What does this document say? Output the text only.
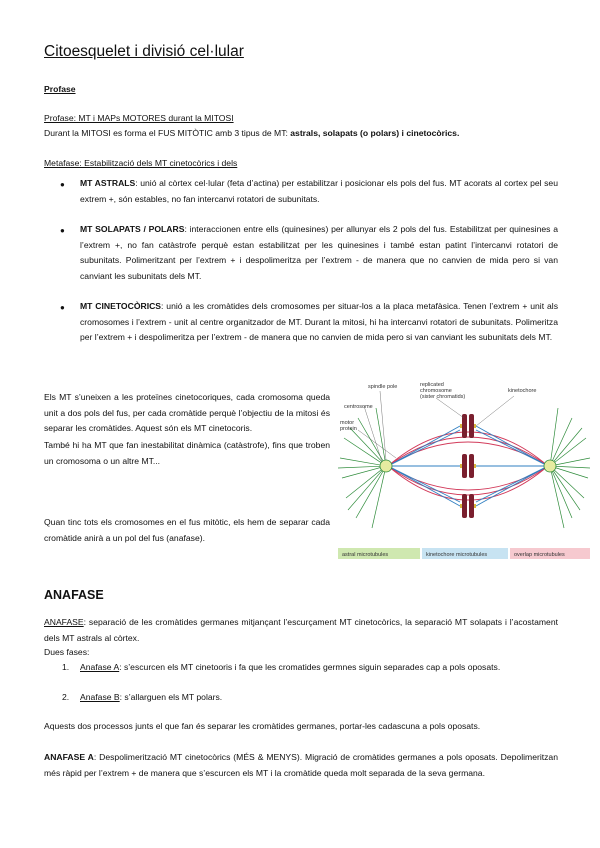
Citoesquelet i divisió cel·lular
Profase
Profase: MT i MAPs MOTORES durant la MITOSI
Durant la MITOSI es forma el FUS MITÒTIC amb 3 tipus de MT: astrals, solapats (o polars) i cinetocòrics.
Metafase: Estabilització dels MT cinetocòrics i dels
● MT ASTRALS: unió al còrtex cel·lular (feta d’actina) per estabilitzar i posicionar els pols del fus. MT acorats al cortex pel seu extrem +, són estables, no fan intercanvi rotatori de subunitats.
● MT SOLAPATS / POLARS: interaccionen entre ells (quinesines) per allunyar els 2 pols del fus. Estabilitzat per quinesines a l’extrem +, no fan catàstrofe perquè estan estabilitzat per les quinesines i també estan patint l’intercanvi rotatori de subunitats. Polimeritzant per l’extrem + i despolimeritza per l’extrem - de manera que no canvien de mida pero si van canviant les subunitats dels MT.
● MT CINETOCÒRICS: unió a les cromàtides dels cromosomes per situar-los a la placa metafàsica. Tenen l’extrem + unit als cromosomes i l’extrem - unit al centre organitzador de MT. Durant la mitosi, hi ha intercanvi rotatori de subunitats. Polimeritza per l’extrem + i despolimeritza per l’extrem - de manera que no canvien de mida pero si van canviant les subunitats dels MT.
Els MT s’uneixen a les proteïnes cinetocoriques, cada cromosoma queda unit a dos pols del fus, per cada cromàtide perquè l’objectiu de la mitosi és separar les cromàtides. Aquest són els MT cinetocoris.
També hi ha MT que fan inestabilitat dinàmica (catàstrofe), fins que troben un cromosoma o un altre MT...
Quan tinc tots els cromosomes en el fus mitòtic, els hem de separar cada cromàtide anirà a un pol del fus (anafase).
spindle pole	replicated
chromosome
(sister chromatids)
kinetochore
centrosome
motor
protein
astral microtubules	kinetochore microtubules	overlap microtubules
ANAFASE
ANAFASE: separació de les cromàtides germanes mitjançant l’escurçament MT cinetocòrics, la separació MT solapats i l’acostament dels MT astrals al còrtex.
Dues fases:
1. Anafase A: s’escurcen els MT cinetooris i fa que les cromatides germnes siguin separades cap a pols oposats.
2. Anafase B: s’allarguen els MT polars.
Aquests dos processos junts el que fan és separar les cromàtides germanes, portar-les cadascuna a pols oposats.
ANAFASE A: Despolimerització MT cinetocòrics (MÉS & MENYS). Migració de cromàtides germanes a pols oposats. Depolimeritzan més ràpid per l’extrem + de manera que s’escurcen els MT i la cromàtide queda molt separada de la seva germana.
